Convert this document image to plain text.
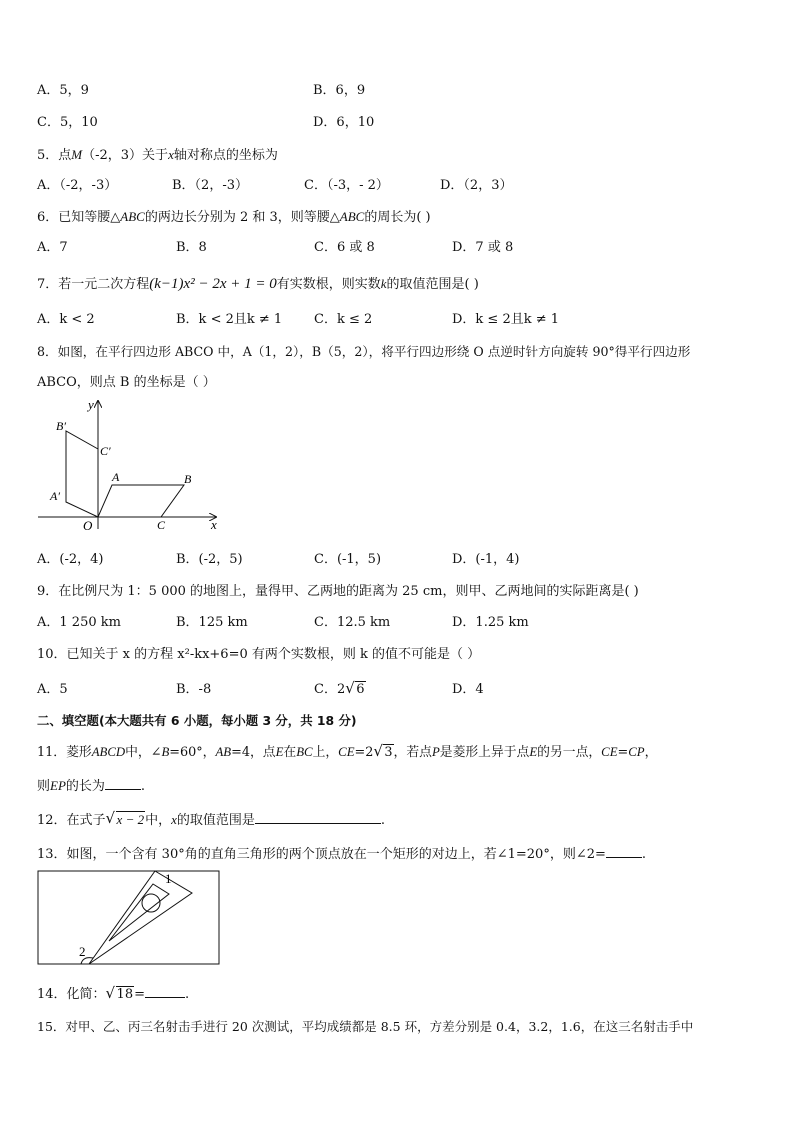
A．5，9	B．6，9
C．5，10	D．6，10
5．点M（-2，3）关于x轴对称点的坐标为
A．（-2，-3）	B．（2，-3）	C．（-3，- 2）	D．（2，3）
6．已知等腰△ABC的两边长分别为 2 和 3，则等腰△ABC的周长为( )
A．7	B．8	C．6 或 8	D．7 或 8
7．若一元二次方程(k−1)x² − 2x + 1 = 0有实数根，则实数k的取值范围是( )
A．k < 2	B．k < 2且k ≠ 1 C．k ≤ 2	D．k ≤ 2且k ≠ 1
8．如图，在平行四边形 ABCO 中，A（1，2），B（5，2），将平行四边形绕 O 点逆时针方向旋转 90°得平行四边形
ABCO，则点 B 的坐标是（ ）
y
x
O
A	B
C
A′
B′
C′
A．(-2，4)	B．(-2，5)	C．(-1，5)	D．(-1，4)
9．在比例尺为 1：5 000 的地图上，量得甲、乙两地的距离为 25 cm，则甲、乙两地间的实际距离是( )
A．1 250 km	B．125 km	C．12.5 km	D．1.25 km
10．已知关于 x 的方程 x²-kx+6=0 有两个实数根，则 k 的值不可能是（ ）
A．5	B．-8	C．2 √ 6	D．4
二、填空题(本大题共有 6 小题，每小题 3 分，共 18 分)
11．菱形ABCD中，∠B=60°，AB=4，点E在BC上，CE=2 √ 3，若点P是菱形上异于点E的另一点，CE=CP，
则EP的长为	.
12．在式子 √ x − 2中，x的取值范围是	.
13．如图，一个含有 30°角的直角三角形的两个顶点放在一个矩形的对边上，若∠1=20°，则∠2=	.
1
2
14．化简： √ 18=	.
15．对甲、乙、丙三名射击手进行 20 次测试，平均成绩都是 8.5 环，方差分别是 0.4，3.2，1.6，在这三名射击手中
